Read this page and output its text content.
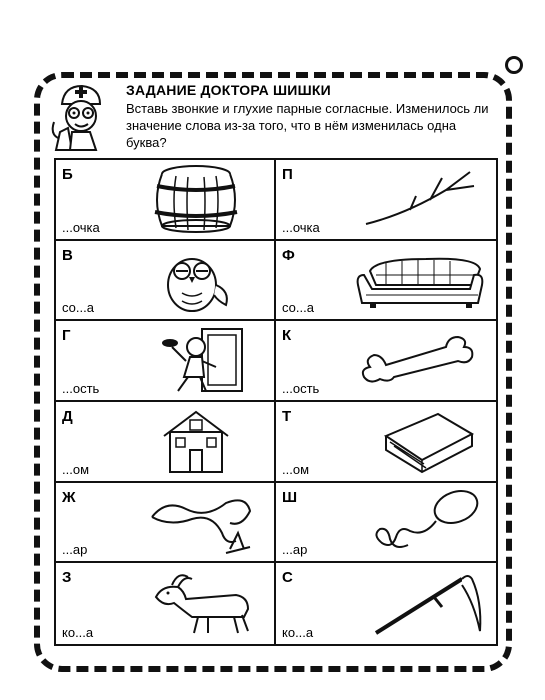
ЗАДАНИЕ ДОКТОРА ШИШКИ
Вставь звонкие и глухие парные согласные. Изменилось ли значение слова из-за того, что в нём изменилась одна буква?
Б
...очка
П
...очка
В
со...а
Ф
со...а
Г
...ость
К
...ость
Д
...ом
Т
...ом
Ж
...ар
Ш
...ар
З
ко...а
С
ко...а
